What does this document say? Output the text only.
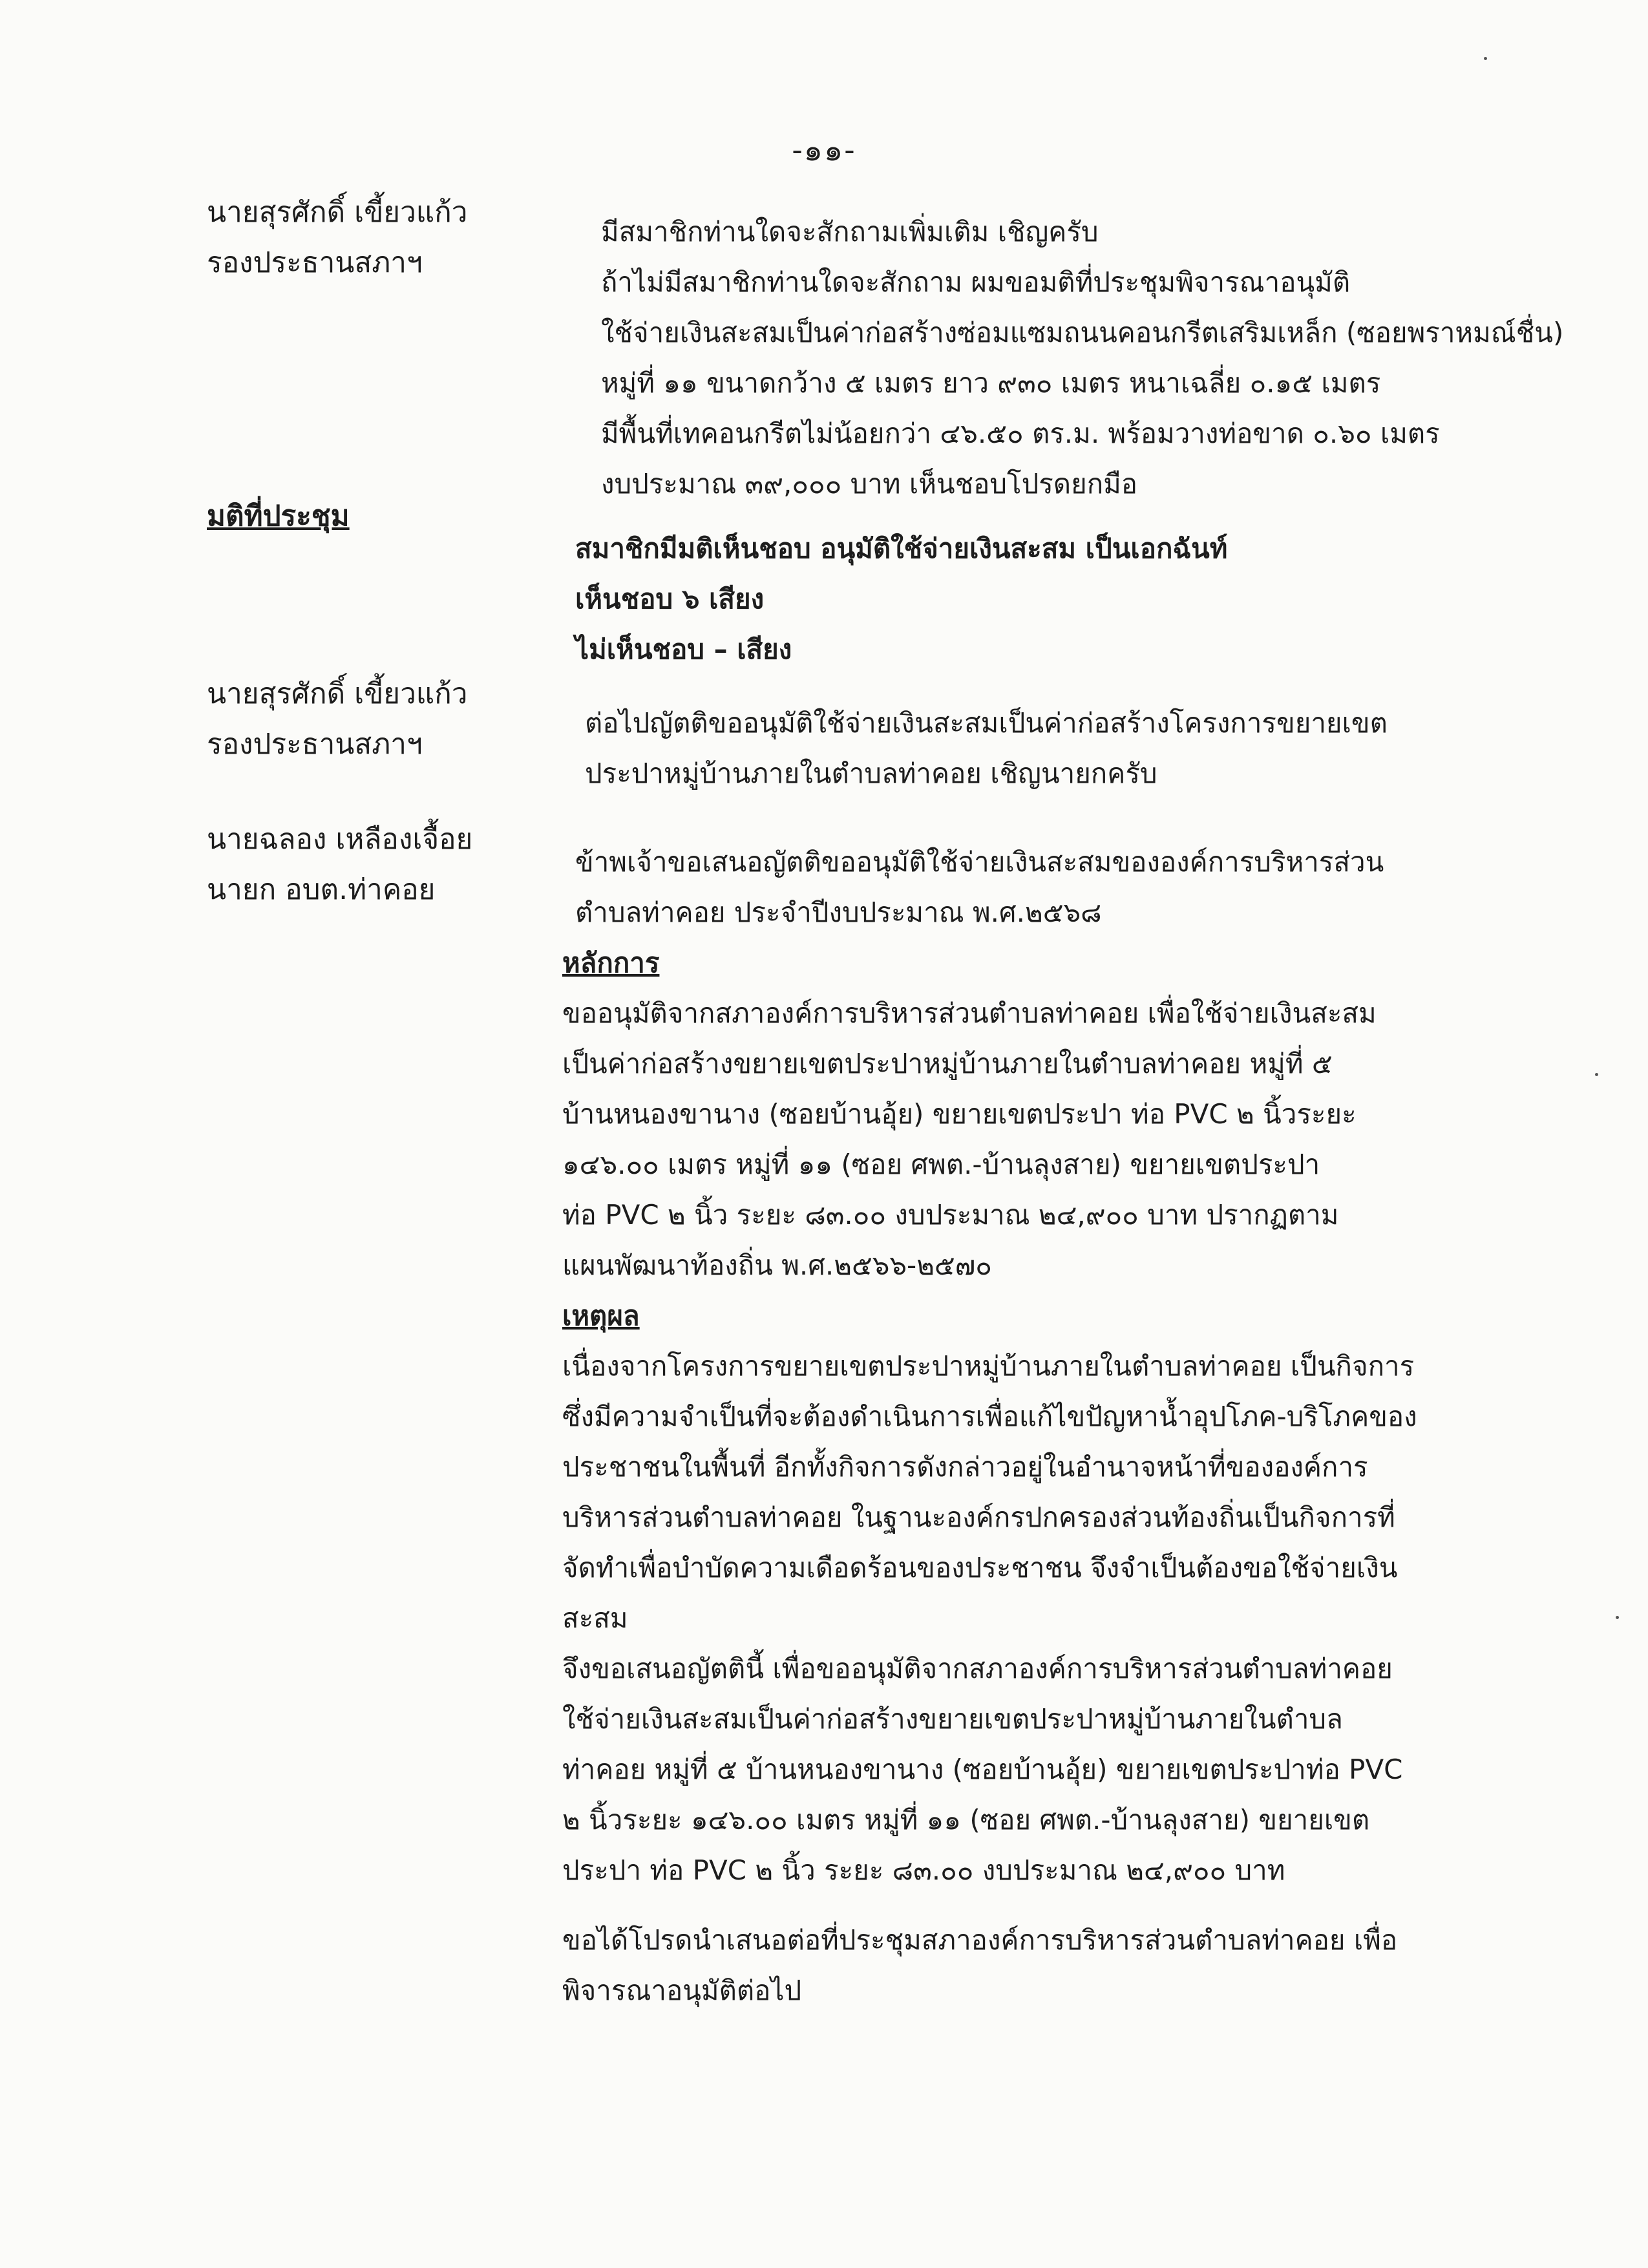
-๑๑-
นายสุรศักดิ์ เขี้ยวแก้ว
รองประธานสภาฯ
มีสมาชิกท่านใดจะสักถามเพิ่มเติม เชิญครับ
ถ้าไม่มีสมาชิกท่านใดจะสักถาม ผมขอมติที่ประชุมพิจารณาอนุมัติ
ใช้จ่ายเงินสะสมเป็นค่าก่อสร้างซ่อมแซมถนนคอนกรีตเสริมเหล็ก (ซอยพราหมณ์ชื่น)
หมู่ที่ ๑๑ ขนาดกว้าง ๕ เมตร ยาว ๙๓๐ เมตร หนาเฉลี่ย ๐.๑๕ เมตร
มีพื้นที่เทคอนกรีตไม่น้อยกว่า ๔๖.๕๐ ตร.ม. พร้อมวางท่อขาด ๐.๖๐ เมตร
งบประมาณ ๓๙,๐๐๐ บาท เห็นชอบโปรดยกมือ
มติที่ประชุม
สมาชิกมีมติเห็นชอบ อนุมัติใช้จ่ายเงินสะสม เป็นเอกฉันท์
เห็นชอบ ๖ เสียง
ไม่เห็นชอบ – เสียง
นายสุรศักดิ์ เขี้ยวแก้ว
รองประธานสภาฯ
ต่อไปญัตติขออนุมัติใช้จ่ายเงินสะสมเป็นค่าก่อสร้างโครงการขยายเขต
ประปาหมู่บ้านภายในตำบลท่าคอย เชิญนายกครับ
นายฉลอง เหลืองเจื้อย
นายก อบต.ท่าคอย
ข้าพเจ้าขอเสนอญัตติขออนุมัติใช้จ่ายเงินสะสมขององค์การบริหารส่วน
ตำบลท่าคอย ประจำปีงบประมาณ พ.ศ.๒๕๖๘
หลักการ
ขออนุมัติจากสภาองค์การบริหารส่วนตำบลท่าคอย เพื่อใช้จ่ายเงินสะสม
เป็นค่าก่อสร้างขยายเขตประปาหมู่บ้านภายในตำบลท่าคอย หมู่ที่ ๕
บ้านหนองขานาง (ซอยบ้านอุ้ย) ขยายเขตประปา ท่อ PVC ๒ นิ้วระยะ
๑๔๖.๐๐ เมตร หมู่ที่ ๑๑ (ซอย ศพต.-บ้านลุงสาย) ขยายเขตประปา
ท่อ PVC ๒ นิ้ว ระยะ ๘๓.๐๐ งบประมาณ ๒๔,๙๐๐ บาท ปรากฏตาม
แผนพัฒนาท้องถิ่น พ.ศ.๒๕๖๖-๒๕๗๐
เหตุผล
เนื่องจากโครงการขยายเขตประปาหมู่บ้านภายในตำบลท่าคอย เป็นกิจการ
ซึ่งมีความจำเป็นที่จะต้องดำเนินการเพื่อแก้ไขปัญหาน้ำอุปโภค-บริโภคของ
ประชาชนในพื้นที่ อีกทั้งกิจการดังกล่าวอยู่ในอำนาจหน้าที่ขององค์การ
บริหารส่วนตำบลท่าคอย ในฐานะองค์กรปกครองส่วนท้องถิ่นเป็นกิจการที่
จัดทำเพื่อบำบัดความเดือดร้อนของประชาชน จึงจำเป็นต้องขอใช้จ่ายเงิน
สะสม
จึงขอเสนอญัตตินี้ เพื่อขออนุมัติจากสภาองค์การบริหารส่วนตำบลท่าคอย
ใช้จ่ายเงินสะสมเป็นค่าก่อสร้างขยายเขตประปาหมู่บ้านภายในตำบล
ท่าคอย หมู่ที่ ๕ บ้านหนองขานาง (ซอยบ้านอุ้ย) ขยายเขตประปาท่อ PVC
๒ นิ้วระยะ ๑๔๖.๐๐ เมตร หมู่ที่ ๑๑ (ซอย ศพต.-บ้านลุงสาย) ขยายเขต
ประปา ท่อ PVC ๒ นิ้ว ระยะ ๘๓.๐๐ งบประมาณ ๒๔,๙๐๐ บาท
ขอได้โปรดนำเสนอต่อที่ประชุมสภาองค์การบริหารส่วนตำบลท่าคอย เพื่อ
พิจารณาอนุมัติต่อไป
